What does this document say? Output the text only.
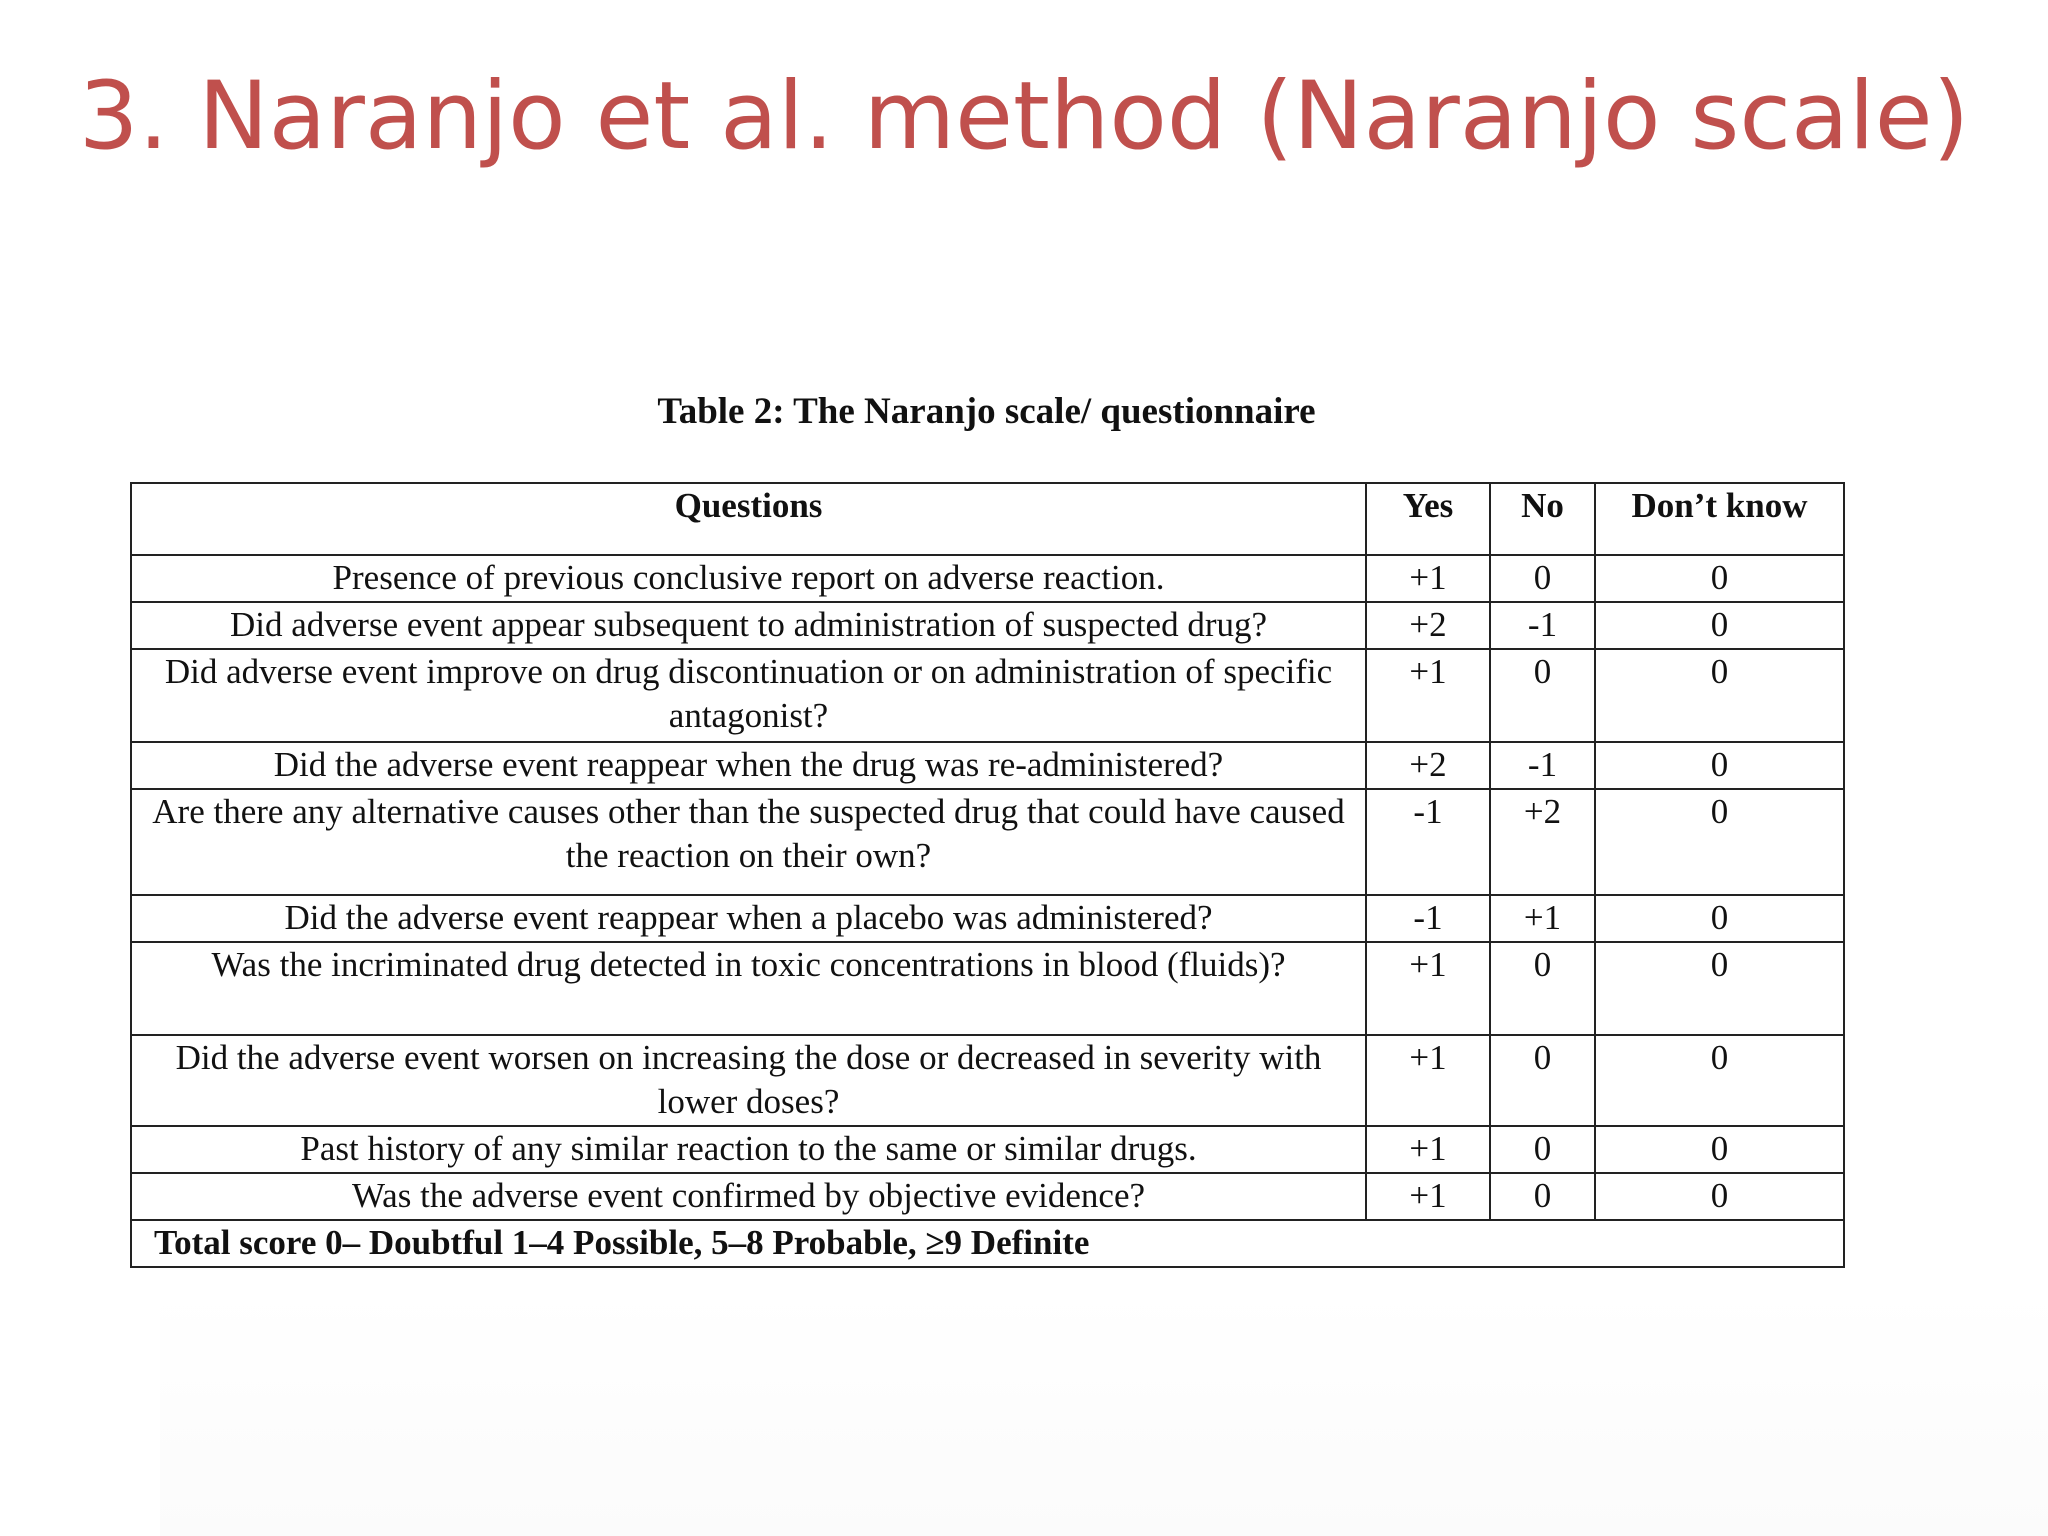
3. Naranjo et al. method (Naranjo scale)
Table 2: The Naranjo scale/ questionnaire
Questions	Yes	No	Don’t know
Presence of previous conclusive report on adverse reaction.	+1	0	0
Did adverse event appear subsequent to administration of suspected drug?	+2	-1	0
Did adverse event improve on drug discontinuation or on administration of specific antagonist?	+1	0	0
Did the adverse event reappear when the drug was re-administered?	+2	-1	0
Are there any alternative causes other than the suspected drug that could have caused the reaction on their own?	-1	+2	0
Did the adverse event reappear when a placebo was administered?	-1	+1	0
Was the incriminated drug detected in toxic concentrations in blood (fluids)?	+1	0	0
Did the adverse event worsen on increasing the dose or decreased in severity with lower doses?	+1	0	0
Past history of any similar reaction to the same or similar drugs.	+1	0	0
Was the adverse event confirmed by objective evidence?	+1	0	0
Total score 0– Doubtful 1–4 Possible, 5–8 Probable, ≥9 Definite			
